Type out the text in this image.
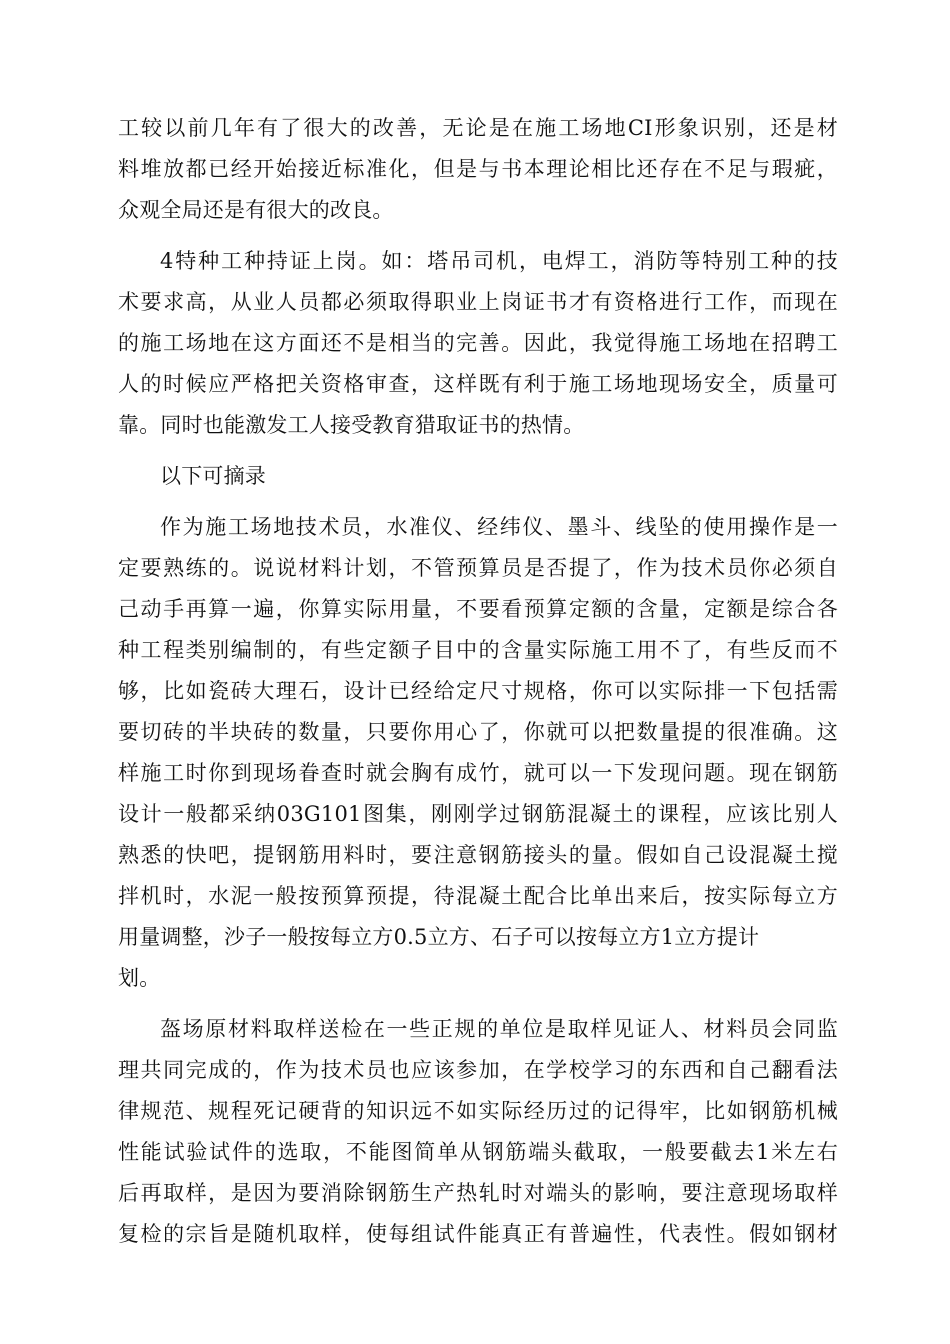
工较以前几年有了很大的改善，无论是在施工场地CI形象识别，还是材

料堆放都已经开始接近标准化，但是与书本理论相比还存在不足与瑕疵，

众观全局还是有很大的改良。

4特种工种持证上岗。如：塔吊司机，电焊工，消防等特别工种的技

术要求高，从业人员都必须取得职业上岗证书才有资格进行工作，而现在

的施工场地在这方面还不是相当的完善。因此，我觉得施工场地在招聘工

人的时候应严格把关资格审查，这样既有利于施工场地现场安全，质量可

靠。同时也能激发工人接受教育猎取证书的热情。

以下可摘录

作为施工场地技术员，水准仪、经纬仪、墨斗、线坠的使用操作是一

定要熟练的。说说材料计划，不管预算员是否提了，作为技术员你必须自

己动手再算一遍，你算实际用量，不要看预算定额的含量，定额是综合各

种工程类别编制的，有些定额子目中的含量实际施工用不了，有些反而不

够，比如瓷砖大理石，设计已经给定尺寸规格，你可以实际排一下包括需

要切砖的半块砖的数量，只要你用心了，你就可以把数量提的很准确。这

样施工时你到现场眷查时就会胸有成竹，就可以一下发现问题。现在钢筋

设计一般都采纳03G101图集，刚刚学过钢筋混凝土的课程，应该比别人

熟悉的快吧，提钢筋用料时，要注意钢筋接头的量。假如自己设混凝土搅

拌机时，水泥一般按预算预提，待混凝土配合比单出来后，按实际每立方

用量调整，沙子一般按每立方0.5立方、石子可以按每立方1立方提计

划。

盔场原材料取样送检在一些正规的单位是取样见证人、材料员会同监

理共同完成的，作为技术员也应该参加，在学校学习的东西和自己翻看法

律规范、规程死记硬背的知识远不如实际经历过的记得牢，比如钢筋机械

性能试验试件的选取，不能图简单从钢筋端头截取，一般要截去1米左右

后再取样，是因为要消除钢筋生产热轧时对端头的影响，要注意现场取样

复检的宗旨是随机取样，使每组试件能真正有普遍性，代表性。假如钢材
